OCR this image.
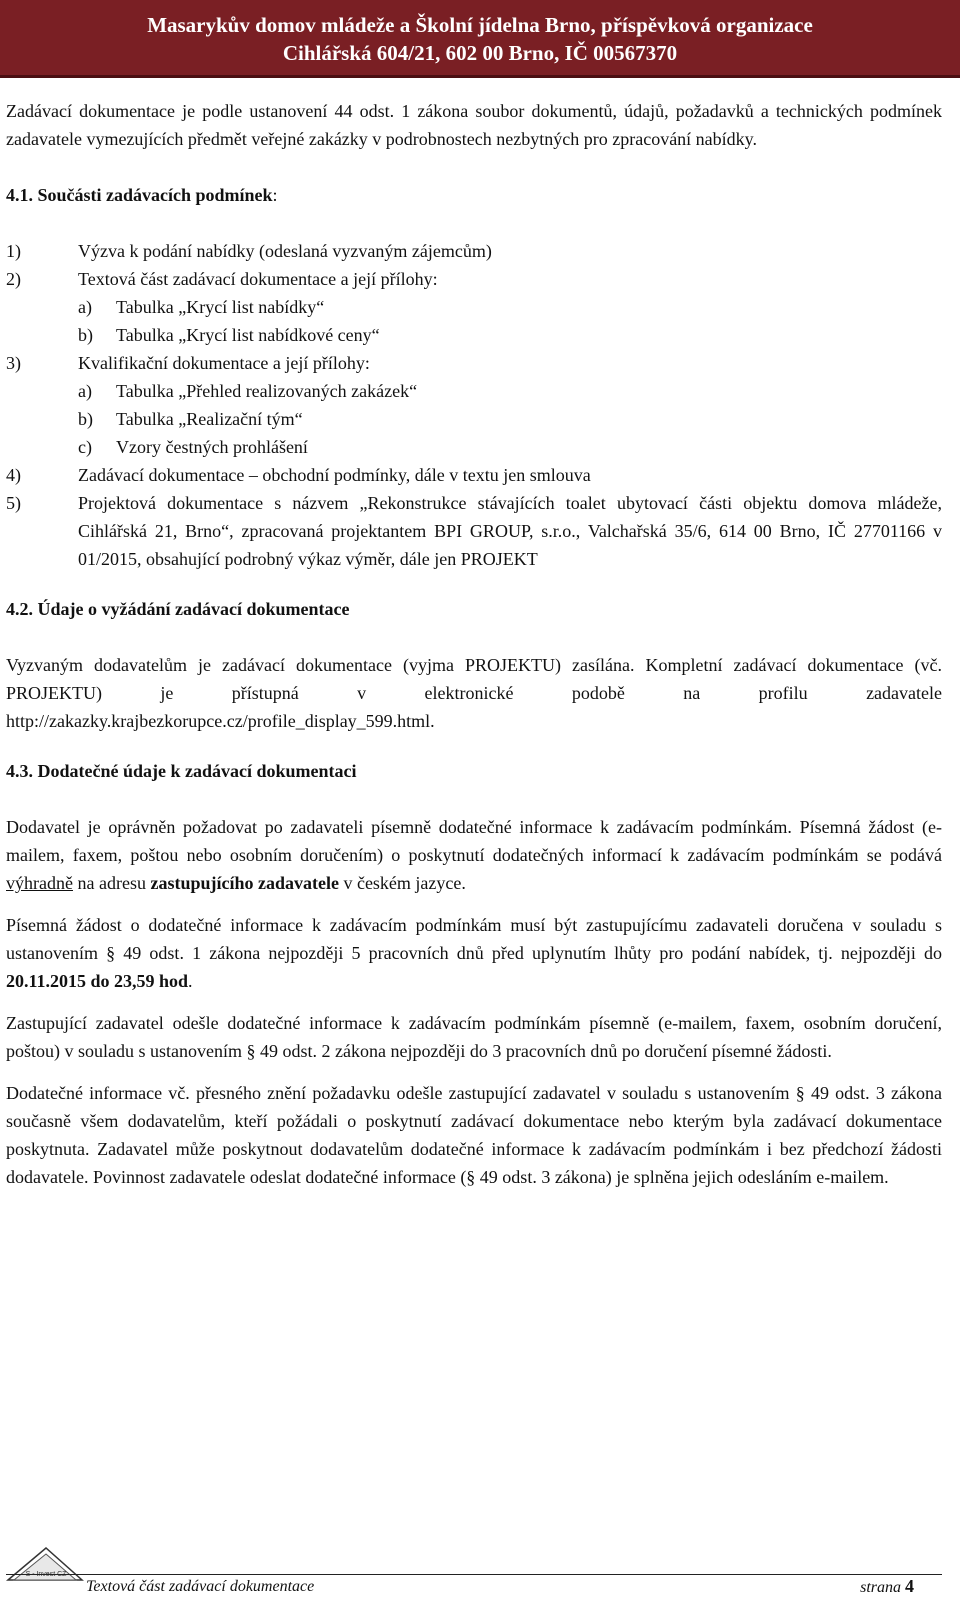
Masarykův domov mládeže a Školní jídelna Brno, příspěvková organizace
Cihlářská 604/21, 602 00 Brno, IČ 00567370

Zadávací dokumentace je podle ustanovení 44 odst. 1 zákona soubor dokumentů, údajů, požadavků a technických podmínek zadavatele vymezujících předmět veřejné zakázky v podrobnostech nezbytných pro zpracování nabídky.

4.1. Součásti zadávacích podmínek:
1)	Výzva k podání nabídky (odeslaná vyzvaným zájemcům)
2)	Textová část zadávací dokumentace a její přílohy:
a)	Tabulka „Krycí list nabídky“
b)	Tabulka „Krycí list nabídkové ceny“
3)	Kvalifikační dokumentace a její přílohy:
a)	Tabulka „Přehled realizovaných zakázek“
b)	Tabulka „Realizační tým“
c)	Vzory čestných prohlášení
4)	Zadávací dokumentace – obchodní podmínky, dále v textu jen smlouva
5)	Projektová dokumentace s názvem „Rekonstrukce stávajících toalet ubytovací části objektu domova mládeže, Cihlářská 21, Brno“, zpracovaná projektantem BPI GROUP, s.r.o., Valchařská 35/6, 614 00 Brno, IČ 27701166 v 01/2015, obsahující podrobný výkaz výměr, dále jen PROJEKT
4.2. Údaje o vyžádání zadávací dokumentace

Vyzvaným dodavatelům je zadávací dokumentace (vyjma PROJEKTU) zasílána. Kompletní zadávací dokumentace (vč. PROJEKTU) je přístupná v elektronické podobě na profilu zadavatele http://zakazky.krajbezkorupce.cz/profile_display_599.html.

4.3. Dodatečné údaje k zadávací dokumentaci

Dodavatel je oprávněn požadovat po zadavateli písemně dodatečné informace k zadávacím podmínkám. Písemná žádost (e-mailem, faxem, poštou nebo osobním doručením) o poskytnutí dodatečných informací k zadávacím podmínkám se podává výhradně na adresu zastupujícího zadavatele v českém jazyce.

Písemná žádost o dodatečné informace k zadávacím podmínkám musí být zastupujícímu zadavateli doručena v souladu s ustanovením § 49 odst. 1 zákona nejpozději 5 pracovních dnů před uplynutím lhůty pro podání nabídek, tj. nejpozději do 20.11.2015 do 23,59 hod.

Zastupující zadavatel odešle dodatečné informace k zadávacím podmínkám písemně (e-mailem, faxem, osobním doručení, poštou) v souladu s ustanovením § 49 odst. 2 zákona nejpozději do 3 pracovních dnů po doručení písemné žádosti.

Dodatečné informace vč. přesného znění požadavku odešle zastupující zadavatel v souladu s ustanovením § 49 odst. 3 zákona současně všem dodavatelům, kteří požádali o poskytnutí zadávací dokumentace nebo kterým byla zadávací dokumentace poskytnuta. Zadavatel může poskytnout dodavatelům dodatečné informace k zadávacím podmínkám i bez předchozí žádosti dodavatele. Povinnost zadavatele odeslat dodatečné informace (§ 49 odst. 3 zákona) je splněna jejich odesláním e-mailem.

Textová část zadávací dokumentace	strana 4
